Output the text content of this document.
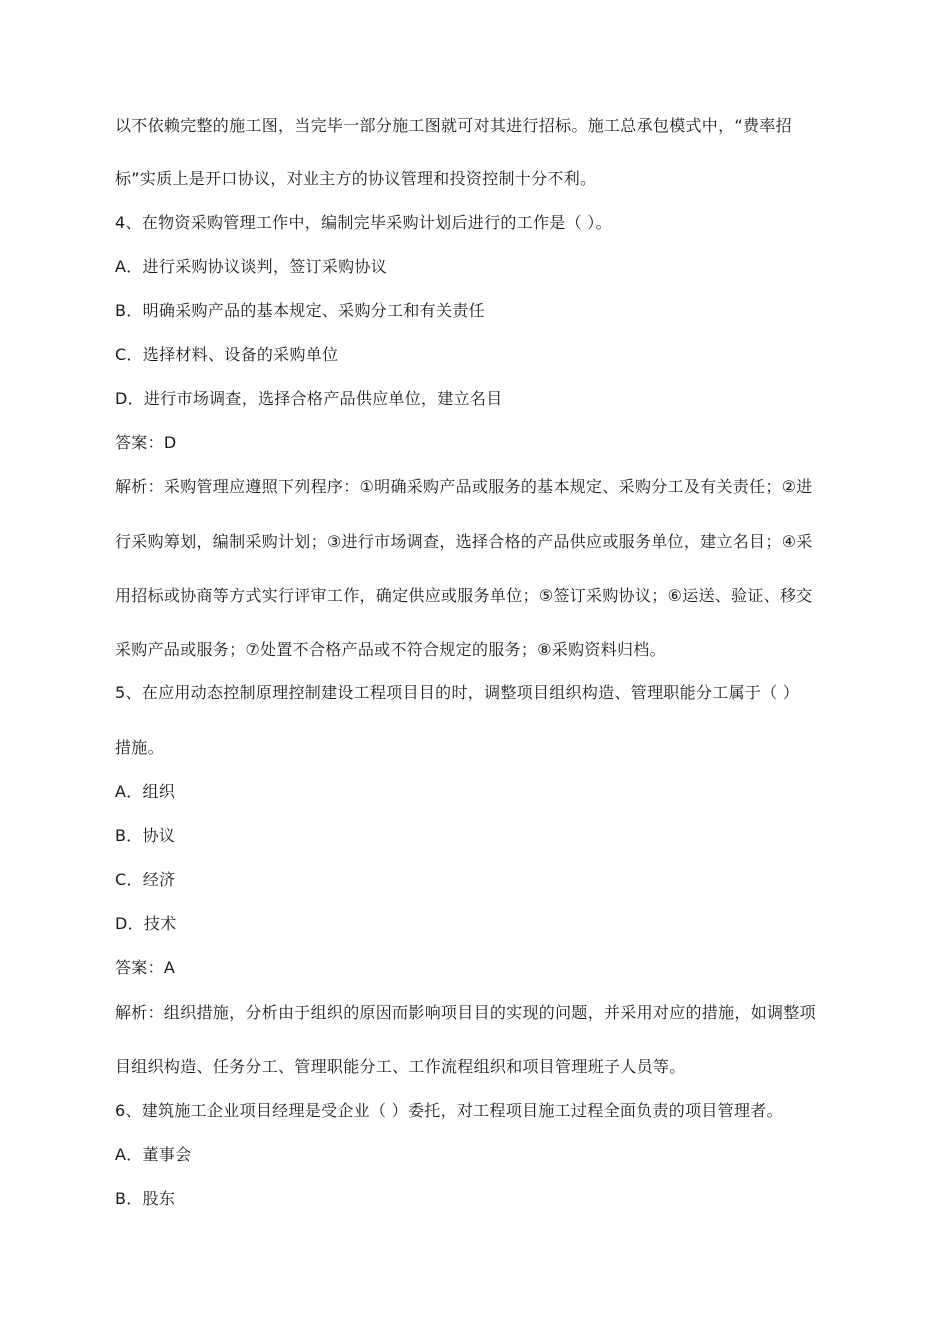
以不依赖完整的施工图，当完毕一部分施工图就可对其进行招标。施工总承包模式中，“费率招
标”实质上是开口协议，对业主方的协议管理和投资控制十分不利。
4、在物资采购管理工作中，编制完毕采购计划后进行的工作是（ ）。
A．进行采购协议谈判，签订采购协议
B．明确采购产品的基本规定、采购分工和有关责任
C．选择材料、设备的采购单位
D．进行市场调查，选择合格产品供应单位，建立名目
答案：D
解析：采购管理应遵照下列程序：①明确采购产品或服务的基本规定、采购分工及有关责任；②进
行采购筹划，编制采购计划；③进行市场调查，选择合格的产品供应或服务单位，建立名目；④采
用招标或协商等方式实行评审工作，确定供应或服务单位；⑤签订采购协议；⑥运送、验证、移交
采购产品或服务；⑦处置不合格产品或不符合规定的服务；⑧采购资料归档。
5、在应用动态控制原理控制建设工程项目目的时，调整项目组织构造、管理职能分工属于（ ）
措施。
A．组织
B．协议
C．经济
D．技术
答案：A
解析：组织措施，分析由于组织的原因而影响项目目的实现的问题，并采用对应的措施，如调整项
目组织构造、任务分工、管理职能分工、工作流程组织和项目管理班子人员等。
6、建筑施工企业项目经理是受企业（ ）委托，对工程项目施工过程全面负责的项目管理者。
A．董事会
B．股东
